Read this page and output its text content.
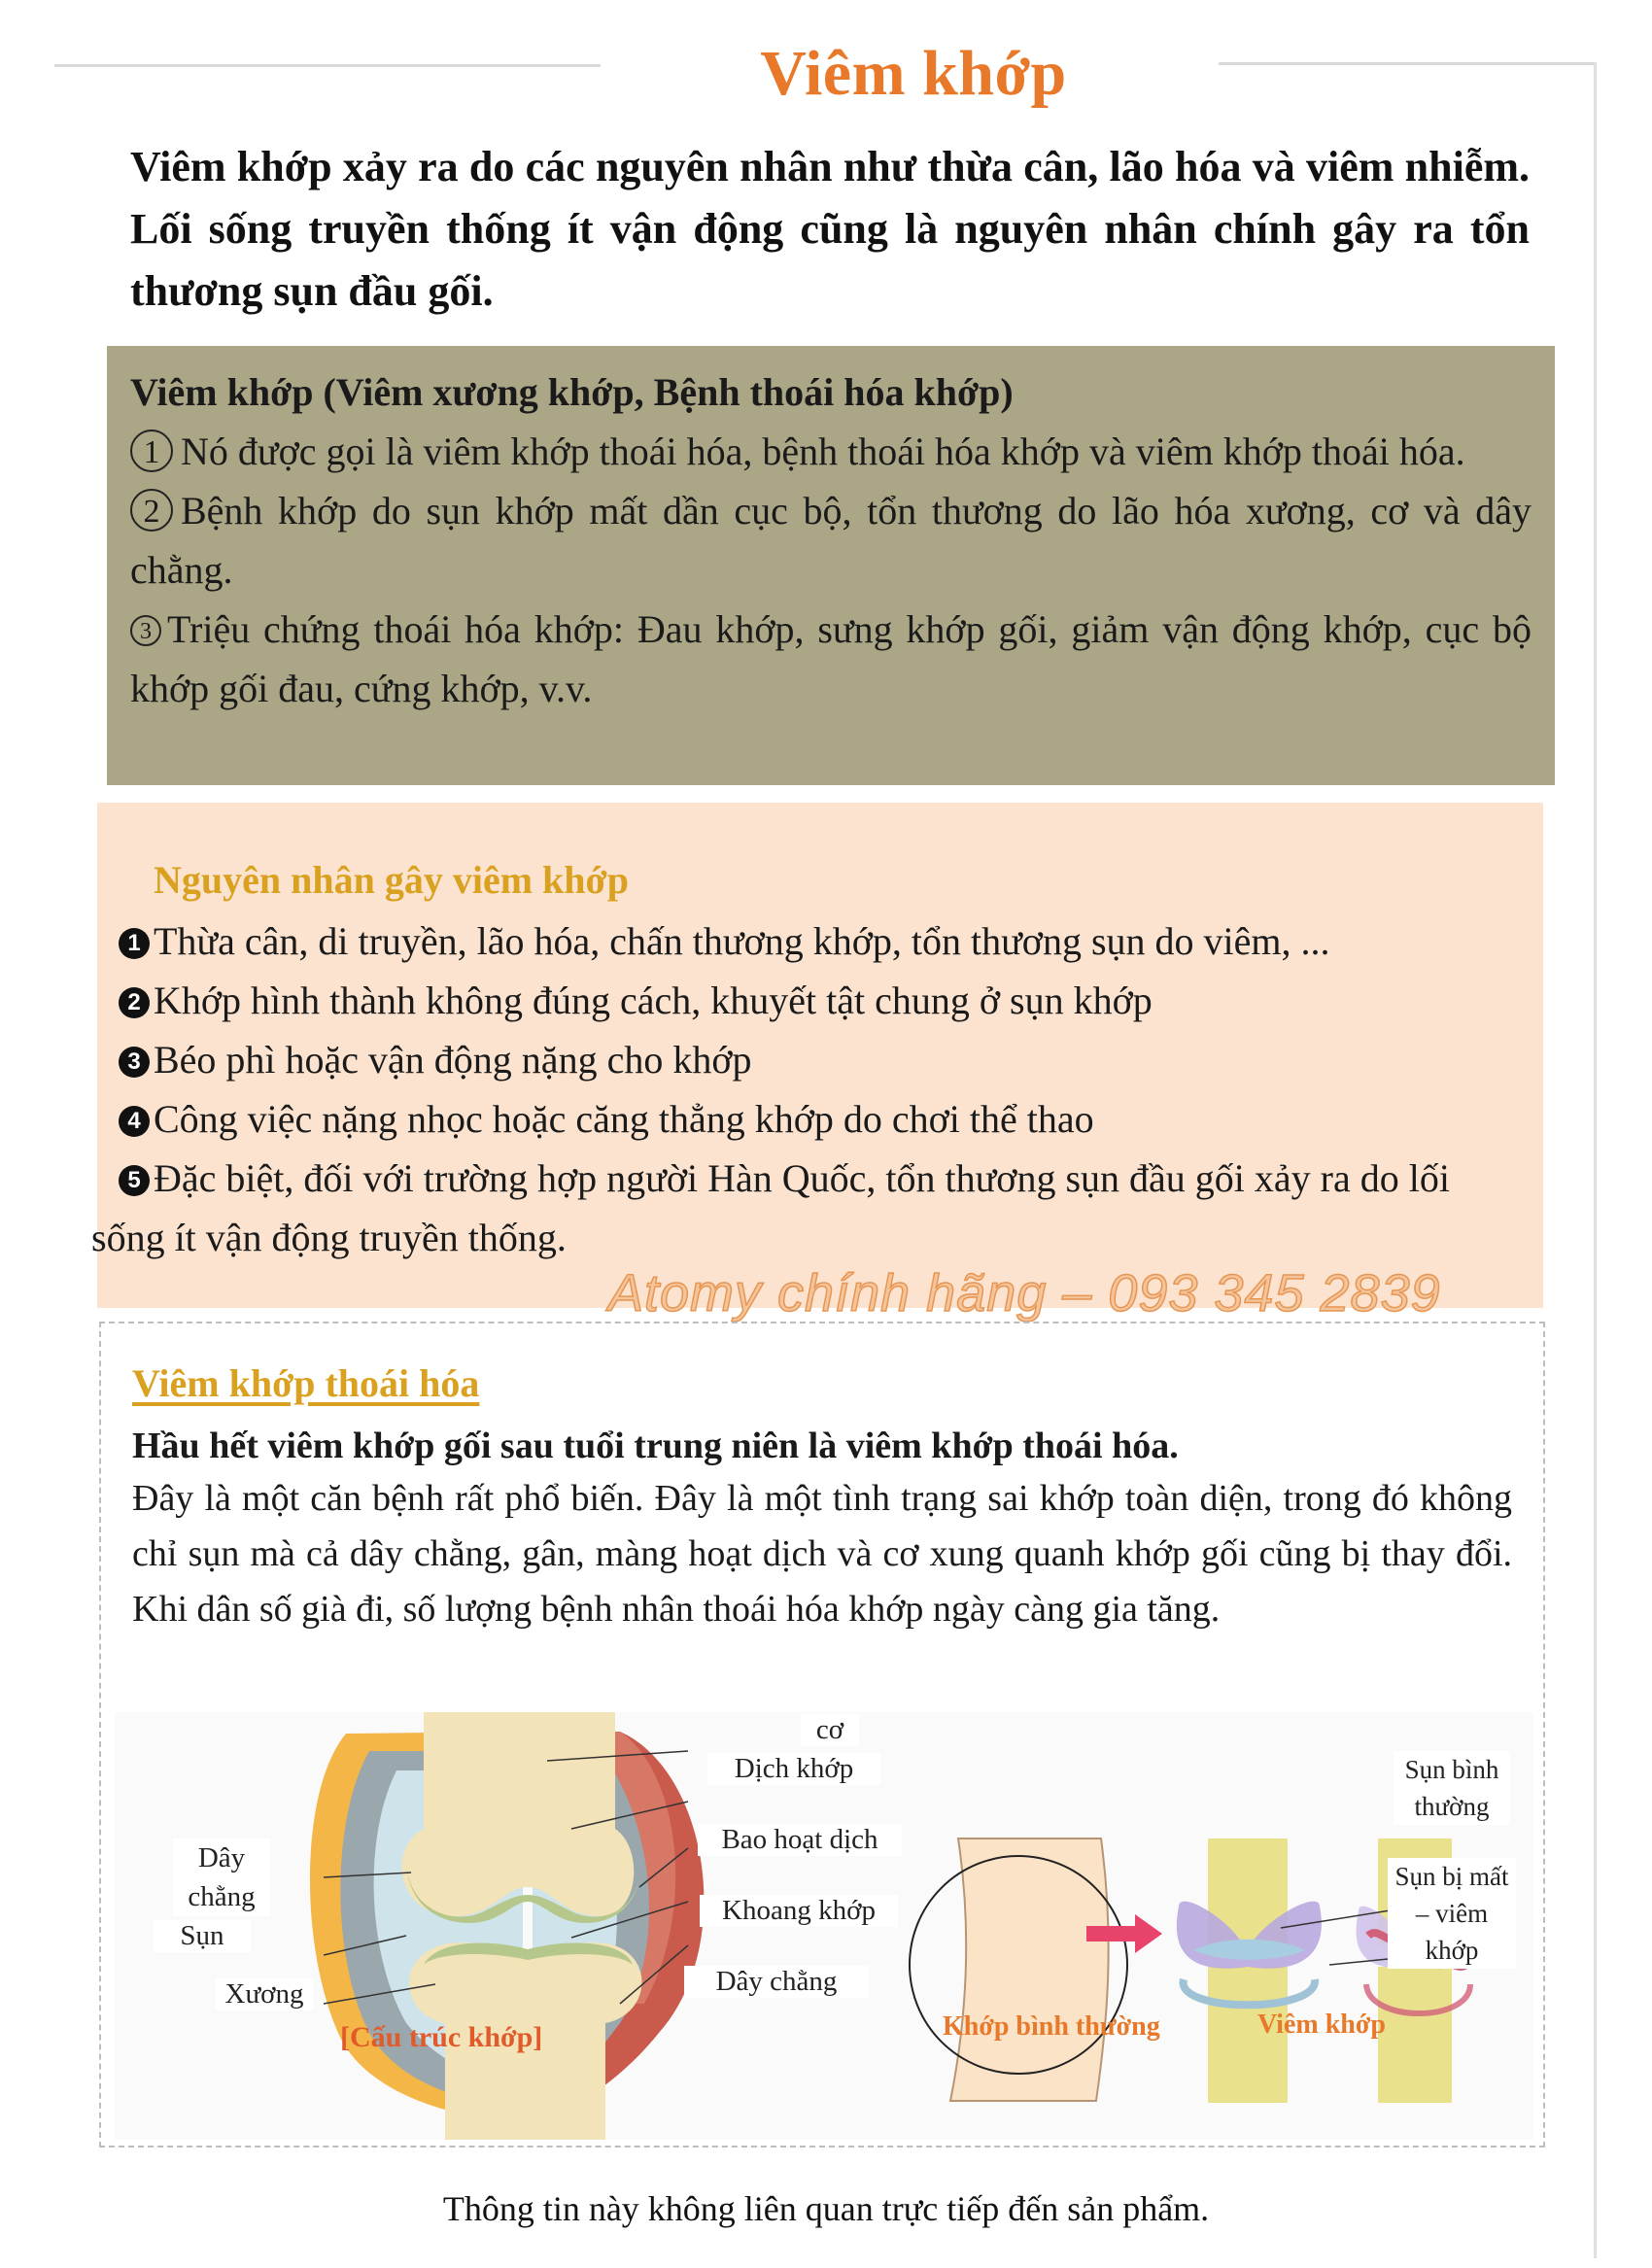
Viêm khớp
Viêm khớp xảy ra do các nguyên nhân như thừa cân, lão hóa và viêm nhiễm. Lối sống truyền thống ít vận động cũng là nguyên nhân chính gây ra tổn thương sụn đầu gối.
Viêm khớp (Viêm xương khớp, Bệnh thoái hóa khớp)
1 Nó được gọi là viêm khớp thoái hóa, bệnh thoái hóa khớp và viêm khớp thoái hóa.
2 Bệnh khớp do sụn khớp mất dần cục bộ, tổn thương do lão hóa xương, cơ và dây chằng.
3 Triệu chứng thoái hóa khớp: Đau khớp, sưng khớp gối, giảm vận động khớp, cục bộ khớp gối đau, cứng khớp, v.v.
Nguyên nhân gây viêm khớp
1 Thừa cân, di truyền, lão hóa, chấn thương khớp, tổn thương sụn do viêm, ...
2 Khớp hình thành không đúng cách, khuyết tật chung ở sụn khớp
3 Béo phì hoặc vận động nặng cho khớp
4 Công việc nặng nhọc hoặc căng thẳng khớp do chơi thể thao
5 Đặc biệt, đối với trường hợp người Hàn Quốc, tổn thương sụn đầu gối xảy ra do lối sống ít vận động truyền thống.
Atomy chính hãng – 093 345 2839
Viêm khớp thoái hóa
Hầu hết viêm khớp gối sau tuổi trung niên là viêm khớp thoái hóa.
Đây là một căn bệnh rất phổ biến. Đây là một tình trạng sai khớp toàn diện, trong đó không chỉ sụn mà cả dây chằng, gân, màng hoạt dịch và cơ xung quanh khớp gối cũng bị thay đổi. Khi dân số già đi, số lượng bệnh nhân thoái hóa khớp ngày càng gia tăng.
Dây chằng
Sụn
Xương
cơ
Dịch khớp
Bao hoạt dịch
Khoang khớp
Dây chằng
[Cấu trúc khớp]	Khớp bình thường	Viêm khớp
Sụn bình thường
Sụn bị mất – viêm khớp
Thông tin này không liên quan trực tiếp đến sản phẩm.
